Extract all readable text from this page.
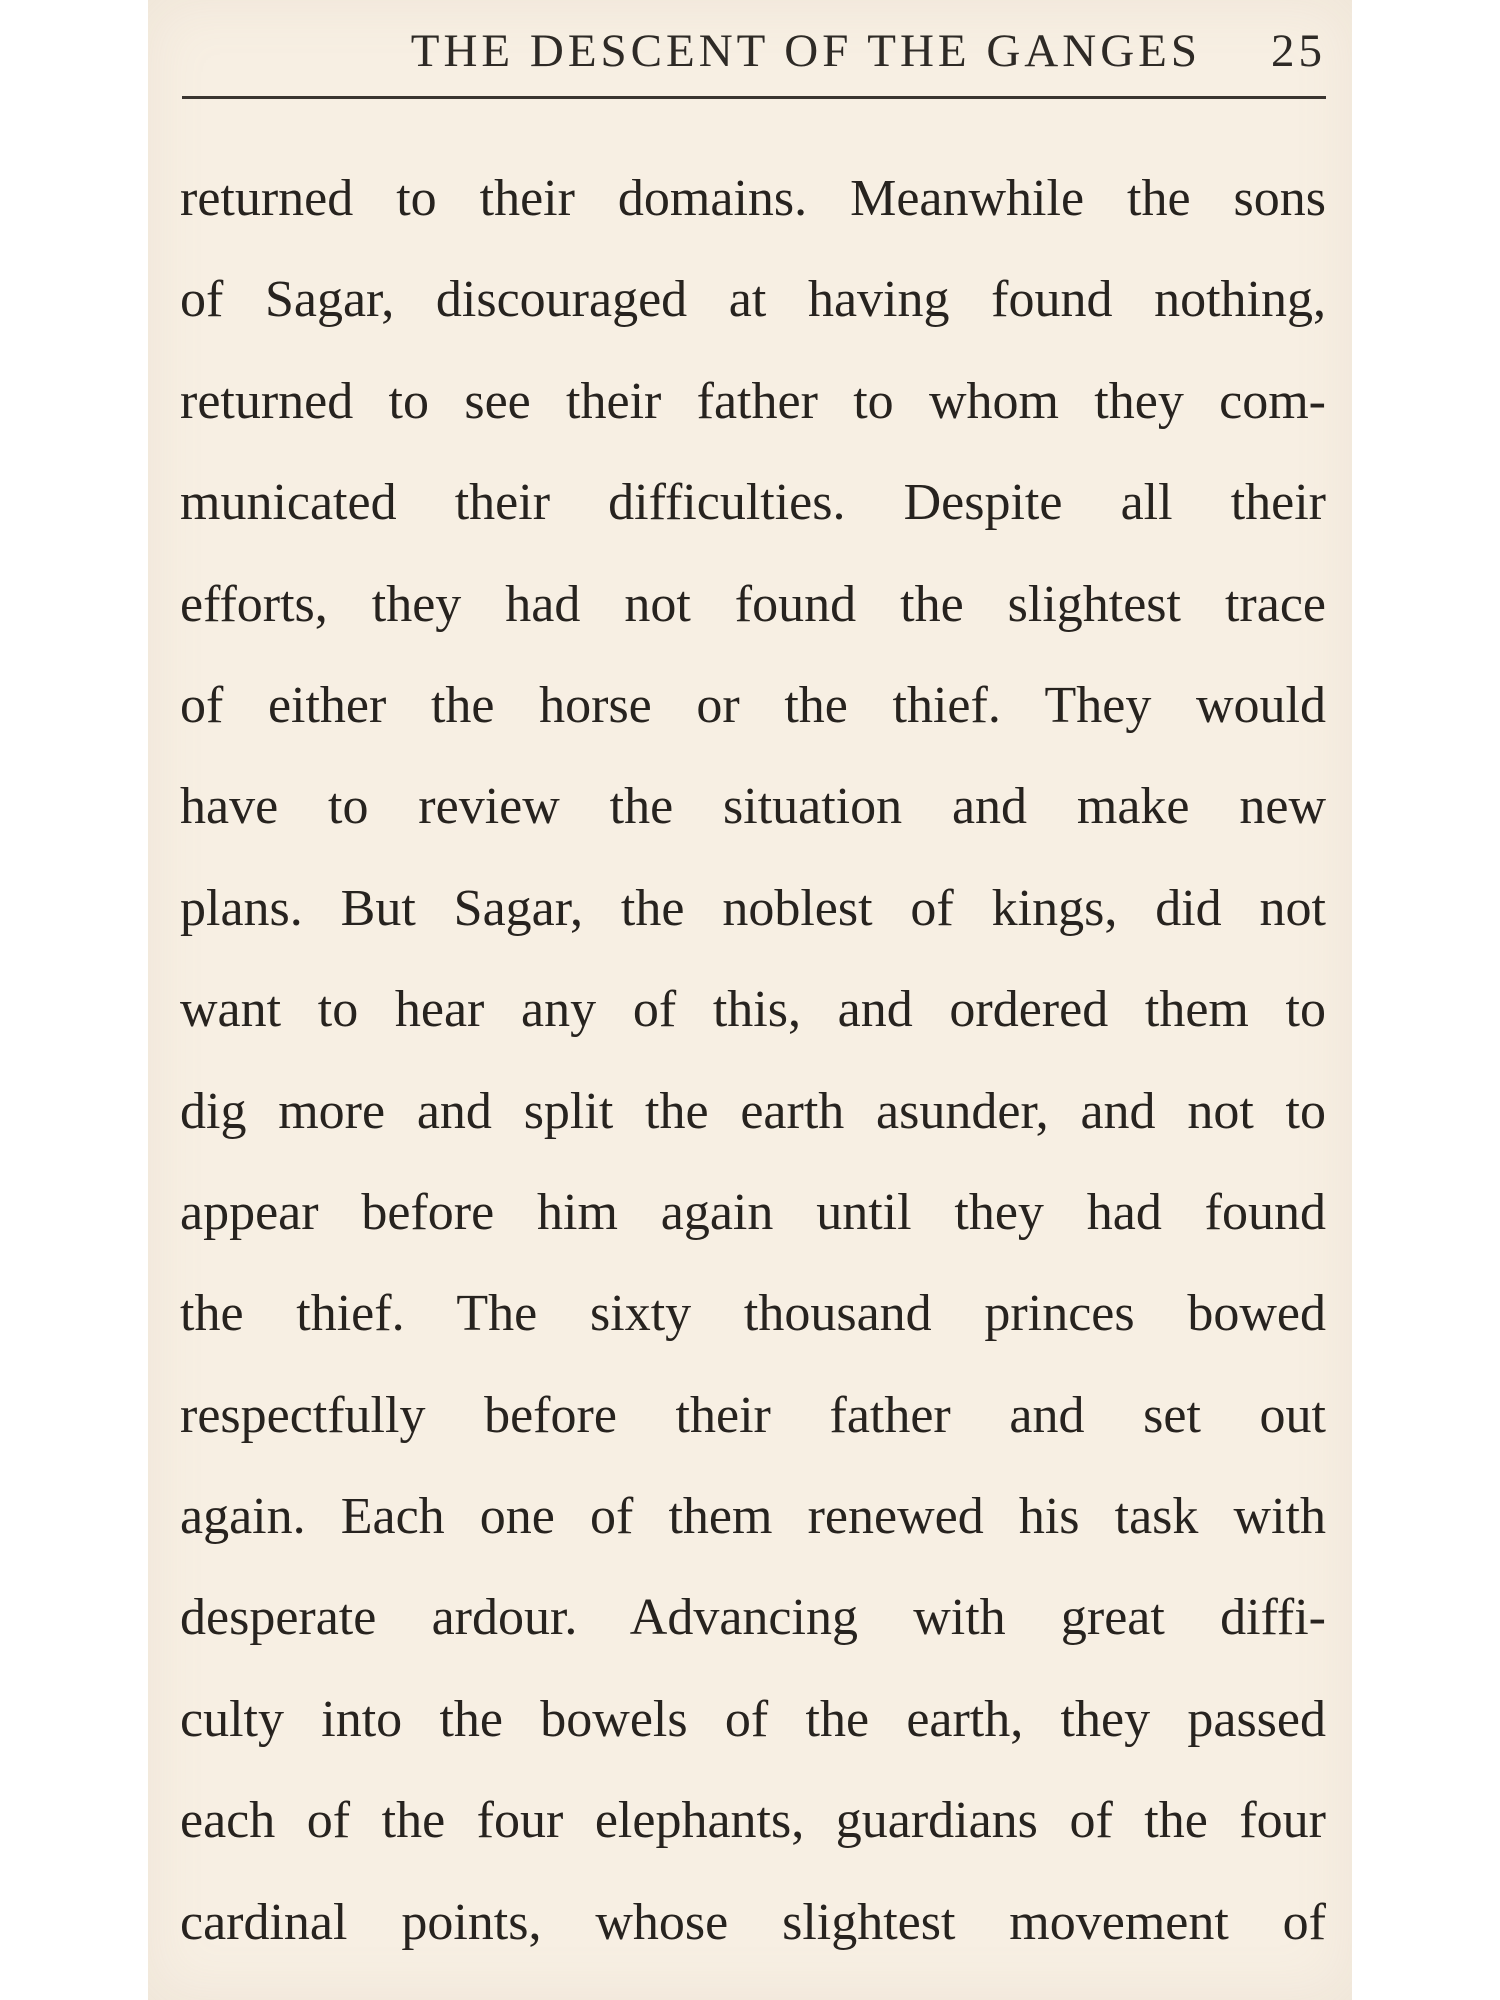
THE DESCENT OF THE GANGES 25
returned to their domains. Meanwhile the sons
of Sagar, discouraged at having found nothing,
returned to see their father to whom they com-
municated their difficulties. Despite all their
efforts, they had not found the slightest trace
of either the horse or the thief. They would
have to review the situation and make new
plans. But Sagar, the noblest of kings, did not
want to hear any of this, and ordered them to
dig more and split the earth asunder, and not to
appear before him again until they had found
the thief. The sixty thousand princes bowed
respectfully before their father and set out
again. Each one of them renewed his task with
desperate ardour. Advancing with great diffi-
culty into the bowels of the earth, they passed
each of the four elephants, guardians of the four
cardinal points, whose slightest movement of
